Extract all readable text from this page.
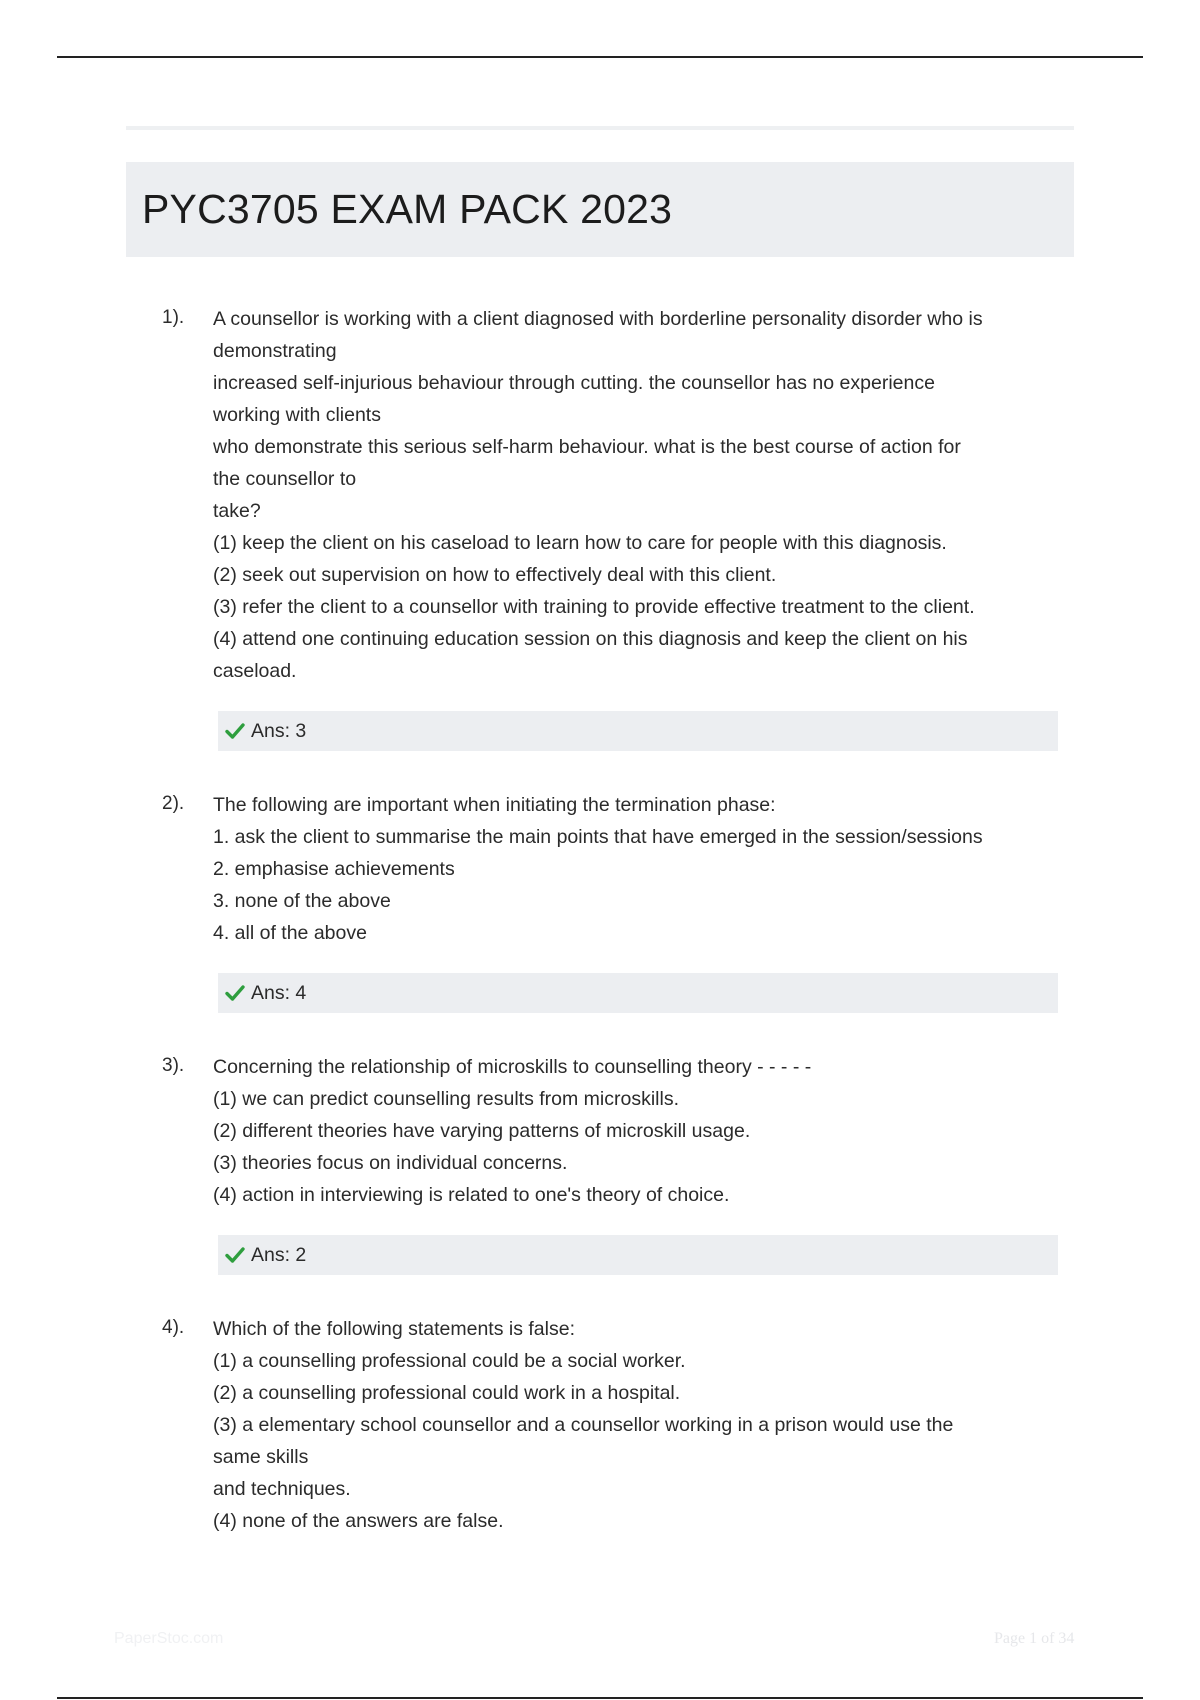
PYC3705 EXAM PACK 2023
1). A counsellor is working with a client diagnosed with borderline personality disorder who is
demonstrating
increased self-injurious behaviour through cutting. the counsellor has no experience
working with clients
who demonstrate this serious self-harm behaviour. what is the best course of action for
the counsellor to
take?
(1) keep the client on his caseload to learn how to care for people with this diagnosis.
(2) seek out supervision on how to effectively deal with this client.
(3) refer the client to a counsellor with training to provide effective treatment to the client.
(4) attend one continuing education session on this diagnosis and keep the client on his
caseload.
Ans: 3
2). The following are important when initiating the termination phase:
1. ask the client to summarise the main points that have emerged in the session/sessions
2. emphasise achievements
3. none of the above
4. all of the above
Ans: 4
3). Concerning the relationship of microskills to counselling theory - - - - -
(1) we can predict counselling results from microskills.
(2) different theories have varying patterns of microskill usage.
(3) theories focus on individual concerns.
(4) action in interviewing is related to one's theory of choice.
Ans: 2
4). Which of the following statements is false:
(1) a counselling professional could be a social worker.
(2) a counselling professional could work in a hospital.
(3) a elementary school counsellor and a counsellor working in a prison would use the
same skills
and techniques.
(4) none of the answers are false.
PaperStoc.com	Page 1 of 34
